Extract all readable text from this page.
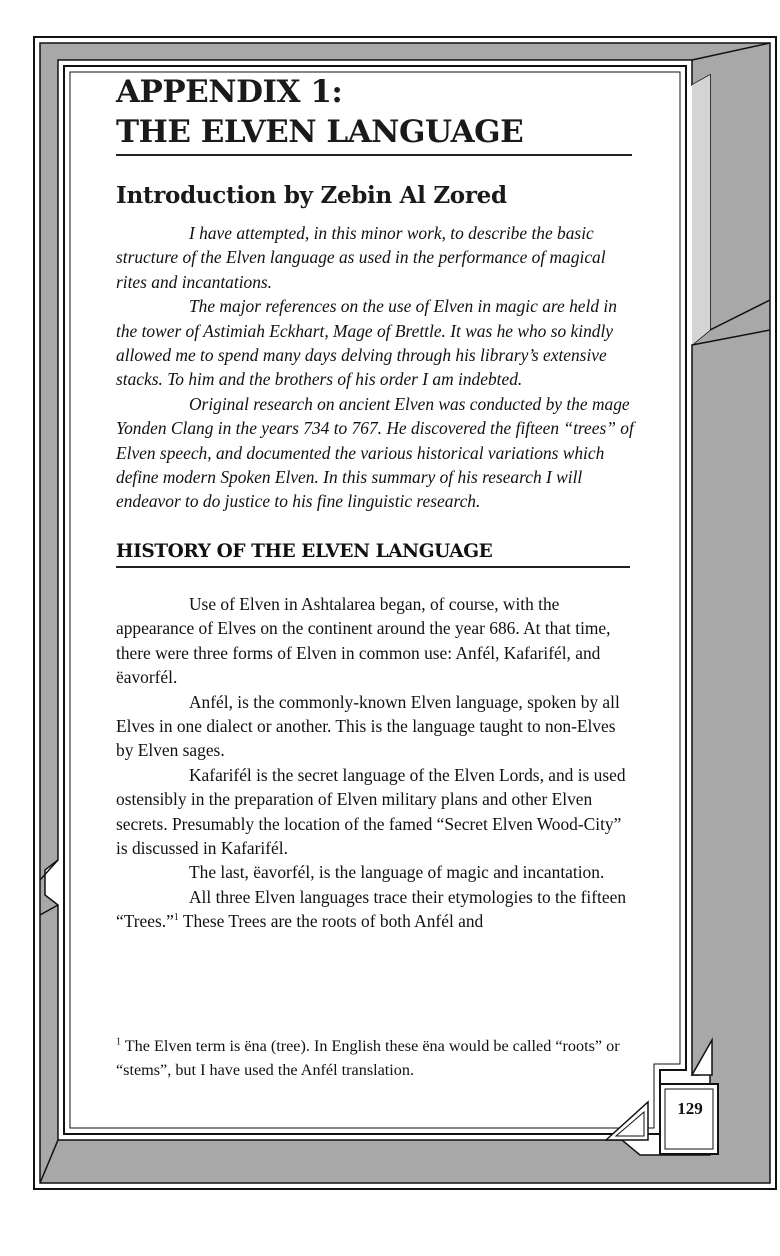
APPENDIX 1:
THE ELVEN LANGUAGE
Introduction by Zebin Al Zored

I have attempted, in this minor work, to describe the basic structure of the Elven language as used in the performance of magical rites and incantations.

The major references on the use of Elven in magic are held in the tower of Astimiah Eckhart, Mage of Brettle. It was he who so kindly allowed me to spend many days delving through his library’s extensive stacks. To him and the brothers of his order I am indebted.

Original research on ancient Elven was conducted by the mage Yonden Clang in the years 734 to 767. He discovered the fifteen “trees” of Elven speech, and documented the various historical variations which define modern Spoken Elven. In this summary of his research I will endeavor to do justice to his fine linguistic research.

HISTORY OF THE ELVEN LANGUAGE

Use of Elven in Ashtalarea began, of course, with the appearance of Elves on the continent around the year 686. At that time, there were three forms of Elven in common use: Anfél, Kafarifél, and ëavorfél.

Anfél, is the commonly-known Elven language, spoken by all Elves in one dialect or another. This is the language taught to non-Elves by Elven sages.

Kafarifél is the secret language of the Elven Lords, and is used ostensibly in the preparation of Elven military plans and other Elven secrets. Presumably the location of the famed “Secret Elven Wood-City” is discussed in Kafarifél.

The last, ëavorfél, is the language of magic and incantation.

All three Elven languages trace their etymologies to the fifteen “Trees.”$^1$ These Trees are the roots of both Anfél and

$^1$ The Elven term is ëna (tree). In English these ëna would be called “roots” or “stems”, but I have used the Anfél translation.

129
